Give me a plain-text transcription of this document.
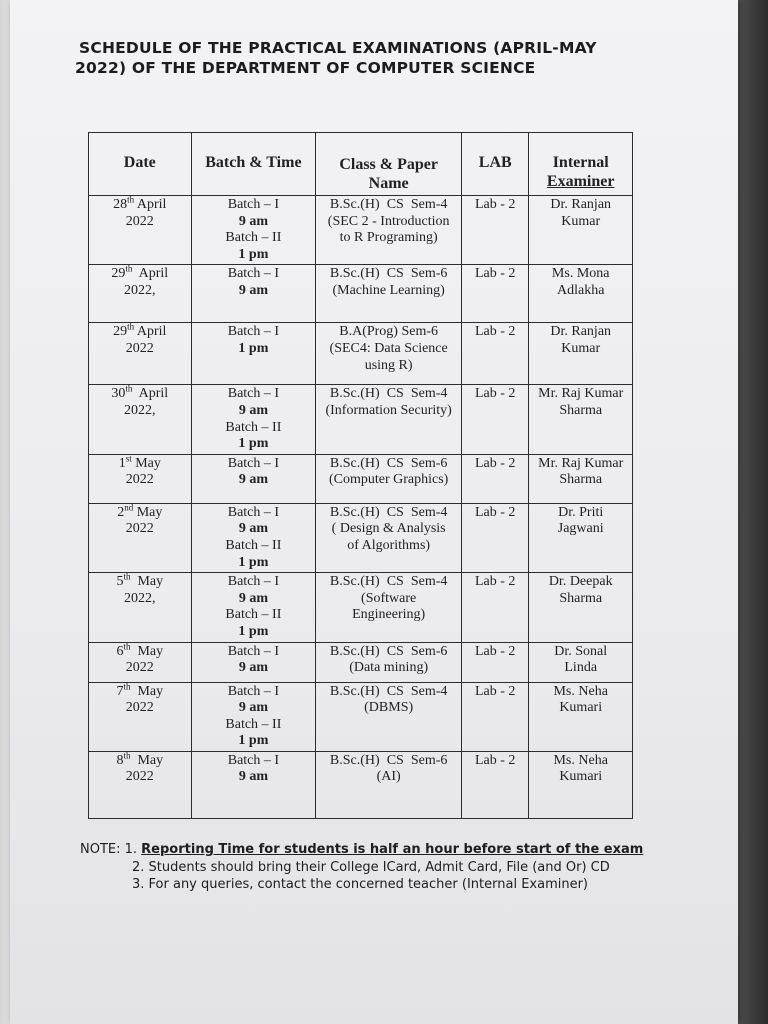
SCHEDULE OF THE PRACTICAL EXAMINATIONS (APRIL-MAY
2022) OF THE DEPARTMENT OF COMPUTER SCIENCE
Date	Batch & Time	Class & Paper
Name	LAB	Internal
Examiner

28th April
2022	Batch – I
9 am
Batch – II
1 pm	B.Sc.(H)  CS  Sem-4
(SEC 2 - Introduction
to R Programing)	Lab - 2	Dr. Ranjan
Kumar

29th  April
2022,	Batch – I
9 am	B.Sc.(H)  CS  Sem-6
(Machine Learning)	Lab - 2	Ms. Mona
Adlakha

29th April
2022	Batch – I
1 pm	B.A(Prog) Sem-6
(SEC4: Data Science
using R)	Lab - 2	Dr. Ranjan
Kumar

30th  April
2022,	Batch – I
9 am
Batch – II
1 pm	B.Sc.(H)  CS  Sem-4
(Information Security)	Lab - 2	Mr. Raj Kumar
Sharma

1st May
2022	Batch – I
9 am	B.Sc.(H)  CS  Sem-6
(Computer Graphics)	Lab - 2	Mr. Raj Kumar
Sharma

2nd May
2022	Batch – I
9 am
Batch – II
1 pm	B.Sc.(H)  CS  Sem-4
( Design & Analysis
of Algorithms)	Lab - 2	Dr. Priti
Jagwani

5th  May
2022,	Batch – I
9 am
Batch – II
1 pm	B.Sc.(H)  CS  Sem-4
(Software
Engineering)	Lab - 2	Dr. Deepak
Sharma

6th  May
2022	Batch – I
9 am	B.Sc.(H)  CS  Sem-6
(Data mining)	Lab - 2	Dr. Sonal
Linda

7th  May
2022	Batch – I
9 am
Batch – II
1 pm	B.Sc.(H)  CS  Sem-4
(DBMS)	Lab - 2	Ms. Neha
Kumari

8th  May
2022	Batch – I
9 am	B.Sc.(H)  CS  Sem-6
(AI)	Lab - 2	Ms. Neha
Kumari
NOTE: 1. Reporting Time for students is half an hour before start of the exam
2. Students should bring their College ICard, Admit Card, File (and Or) CD
3. For any queries, contact the concerned teacher (Internal Examiner)
